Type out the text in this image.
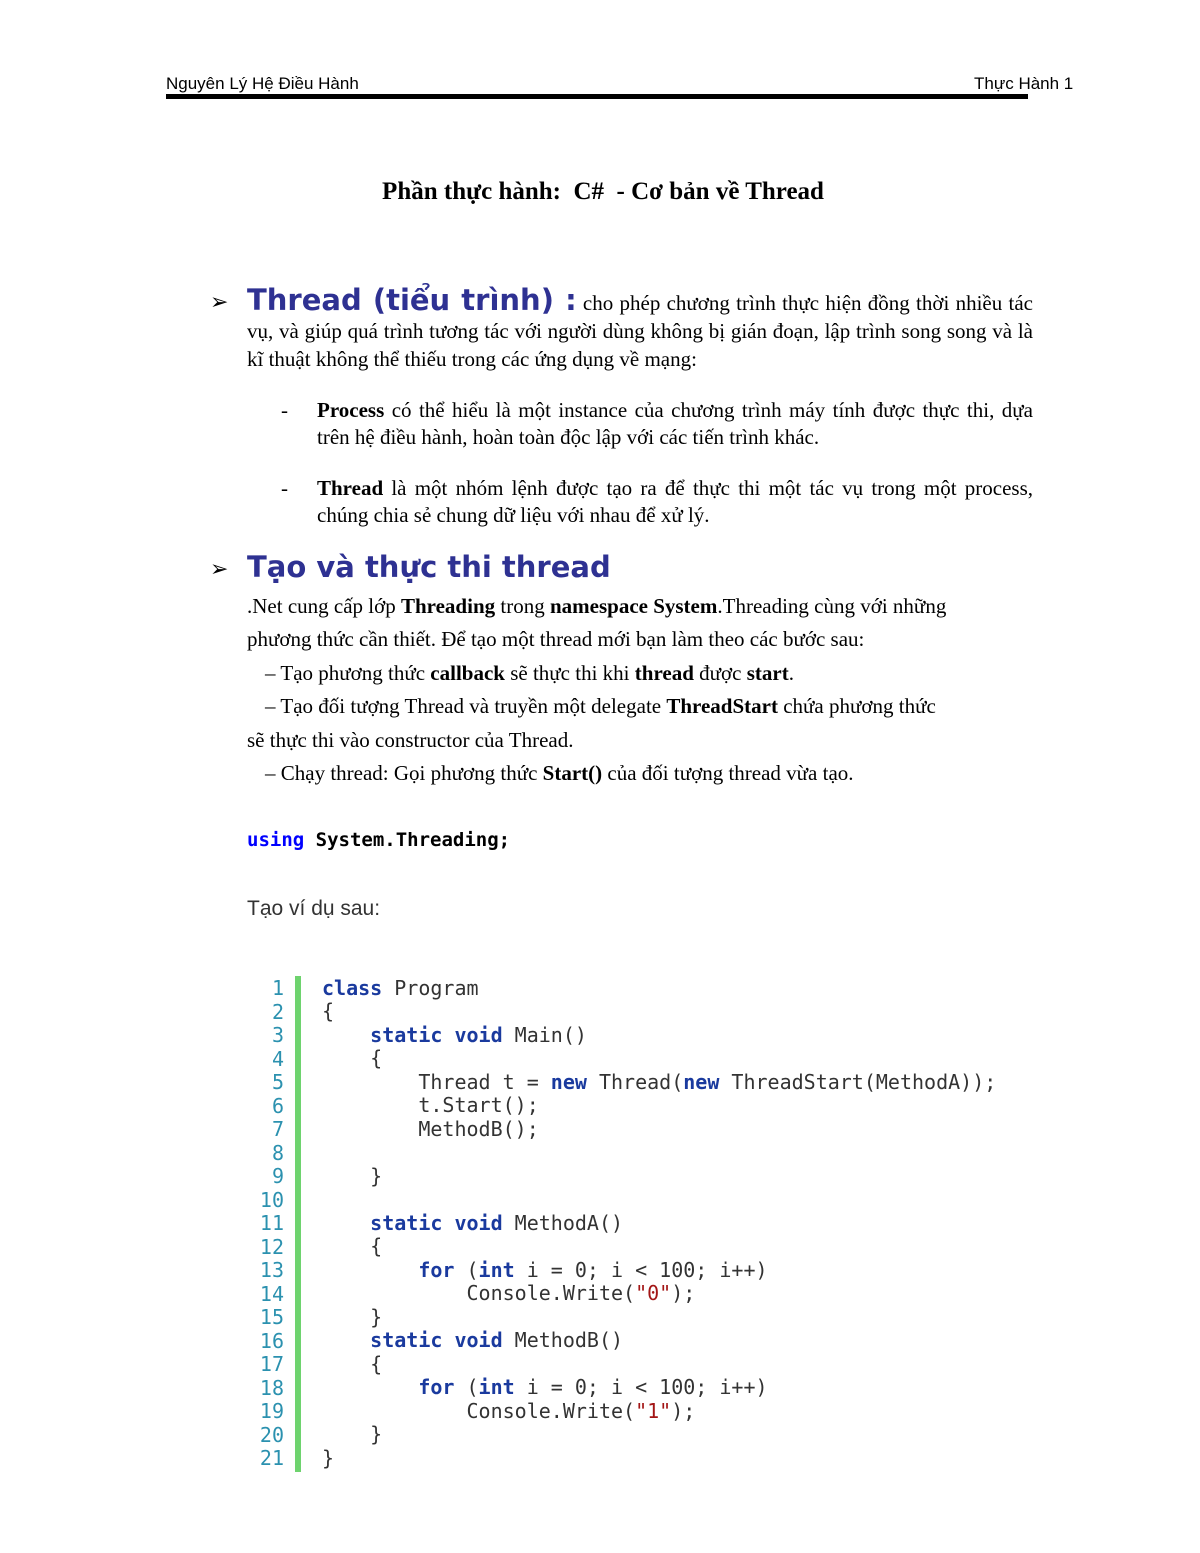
Nguyên Lý Hệ Điều Hành	Thực Hành 1
Phần thực hành:  C#  - Cơ bản về Thread
➢ Thread (tiểu trình) : cho phép chương trình thực hiện đồng thời nhiều tác vụ, và giúp quá trình tương tác với người dùng không bị gián đoạn, lập trình song song và là kĩ thuật không thể thiếu trong các ứng dụng về mạng:
- Process có thể hiểu là một instance của chương trình máy tính được thực thi, dựa trên hệ điều hành, hoàn toàn độc lập với các tiến trình khác.
- Thread là một nhóm lệnh được tạo ra để thực thi một tác vụ trong một process, chúng chia sẻ chung dữ liệu với nhau để xử lý.
➢ Tạo và thực thi thread
.Net cung cấp lớp Threading trong namespace System.Threading cùng với những
phương thức cần thiết. Để tạo một thread mới bạn làm theo các bước sau:
– Tạo phương thức callback sẽ thực thi khi thread được start.
– Tạo đối tượng Thread và truyền một delegate ThreadStart chứa phương thức
sẽ thực thi vào constructor của Thread.
– Chạy thread: Gọi phương thức Start() của đối tượng thread vừa tạo.
using System.Threading;
Tạo ví dụ sau:
1
2
3
4
5
6
7
8
9
10
11
12
13
14
15
16
17
18
19
20
21
class Program
{
static void Main()
{
Thread t = new Thread(new ThreadStart(MethodA));
t.Start();
MethodB();
}
static void MethodA()
{
for (int i = 0; i < 100; i++)
Console.Write("0");
}
static void MethodB()
{
for (int i = 0; i < 100; i++)
Console.Write("1");
}
}
